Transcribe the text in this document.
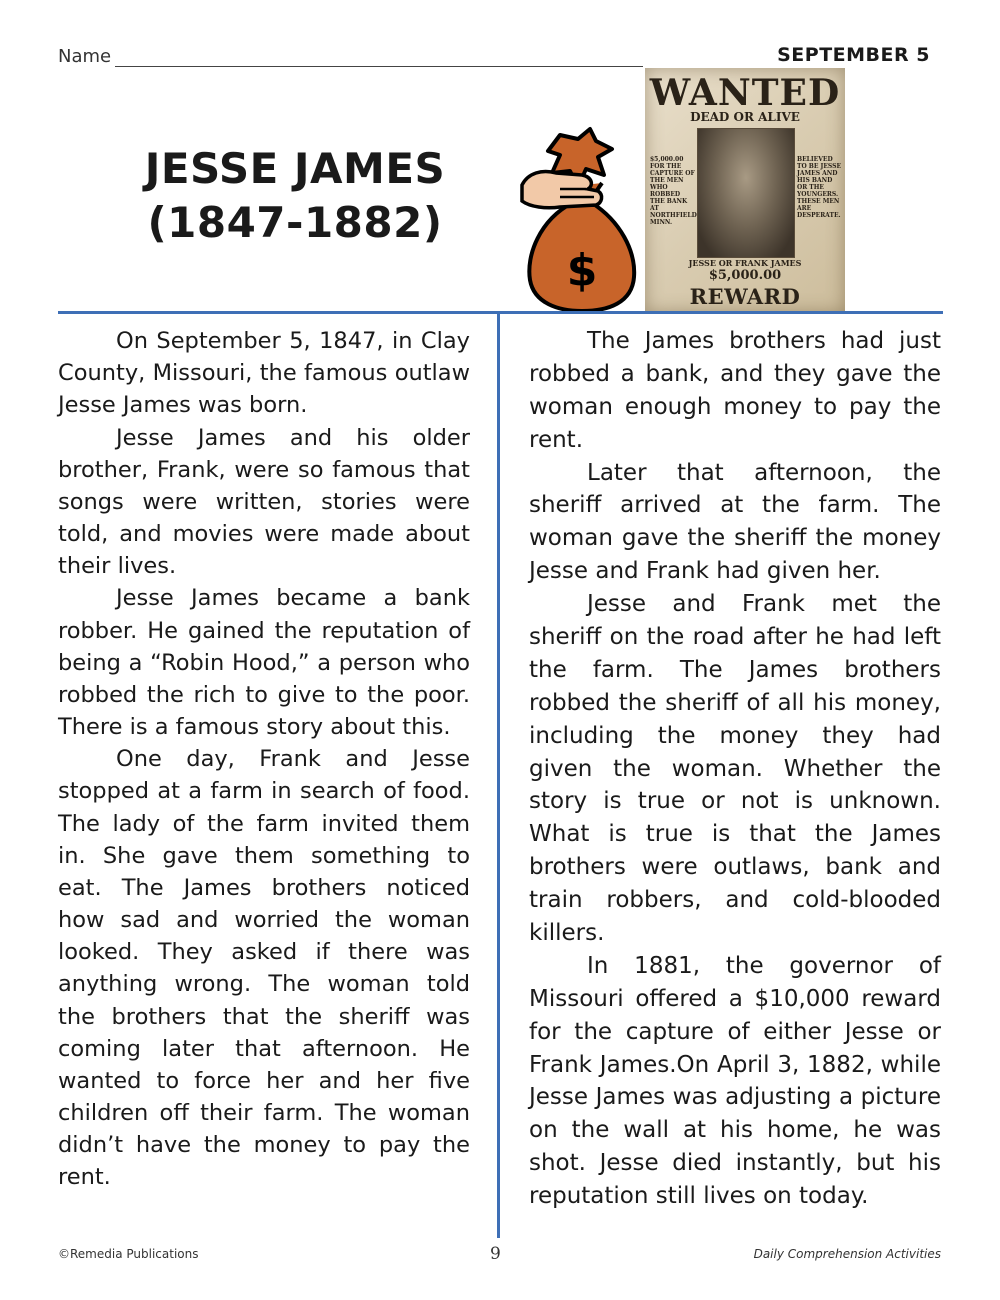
Name	SEPTEMBER 5
JESSE JAMES
(1847-1882)
$
WANTED
DEAD OR ALIVE
$5,000.00 FOR THE CAPTURE OF THE MEN WHO ROBBED THE BANK AT NORTHFIELD MINN.
BELIEVED TO BE JESSE JAMES AND HIS BAND OR THE YOUNGERS. THESE MEN ARE DESPERATE.
JESSE OR FRANK JAMES
$5,000.00
REWARD

On September 5, 1847, in Clay County, Missouri, the famous outlaw Jesse James was born.

Jesse James and his older brother, Frank, were so famous that songs were written, stories were told, and movies were made about their lives.

Jesse James became a bank robber. He gained the reputation of being a “Robin Hood,” a person who robbed the rich to give to the poor. There is a famous story about this.

One day, Frank and Jesse stopped at a farm in search of food. The lady of the farm invited them in. She gave them something to eat. The James brothers noticed how sad and worried the woman looked. They asked if there was anything wrong. The woman told the brothers that the sheriff was coming later that afternoon. He wanted to force her and her five children off their farm. The woman didn’t have the money to pay the rent.

The James brothers had just robbed a bank, and they gave the woman enough money to pay the rent.

Later that afternoon, the sheriff arrived at the farm. The woman gave the sheriff the money Jesse and Frank had given her.

Jesse and Frank met the sheriff on the road after he had left the farm. The James brothers robbed the sheriff of all his money, including the money they had given the woman. Whether the story is true or not is unknown. What is true is that the James brothers were outlaws, bank and train robbers, and cold-blooded killers.

In 1881, the governor of Missouri offered a $10,000 reward for the capture of either Jesse or Frank James.On April 3, 1882, while Jesse James was adjusting a picture on the wall at his home, he was shot. Jesse died instantly, but his reputation still lives on today.

©Remedia Publications	9	Daily Comprehension Activities
